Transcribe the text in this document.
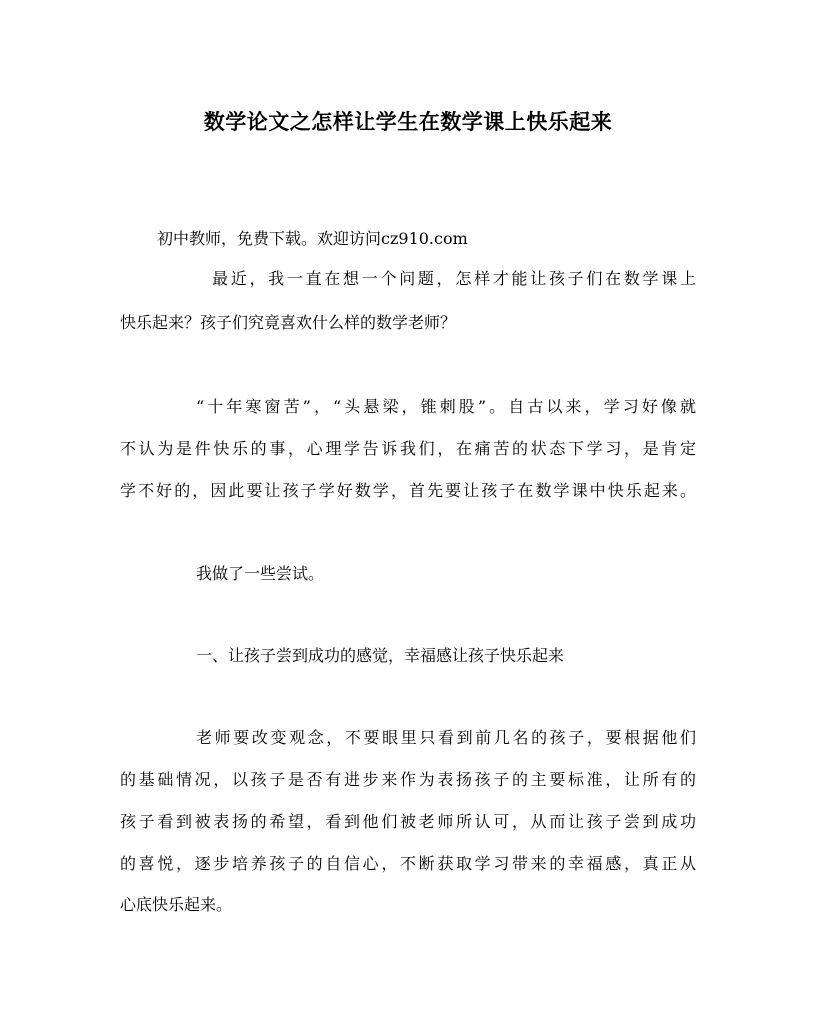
数学论文之怎样让学生在数学课上快乐起来
初中教师，免费下载。欢迎访问cz910.com
最近，我一直在想一个问题，怎样才能让孩子们在数学课上
快乐起来？孩子们究竟喜欢什么样的数学老师？
“十年寒窗苦”，“头悬梁，锥刺股”。自古以来，学习好像就
不认为是件快乐的事，心理学告诉我们，在痛苦的状态下学习，是肯定
学不好的，因此要让孩子学好数学，首先要让孩子在数学课中快乐起来。
我做了一些尝试。
一、让孩子尝到成功的感觉，幸福感让孩子快乐起来
老师要改变观念，不要眼里只看到前几名的孩子，要根据他们
的基础情况，以孩子是否有进步来作为表扬孩子的主要标准，让所有的
孩子看到被表扬的希望，看到他们被老师所认可，从而让孩子尝到成功
的喜悦，逐步培养孩子的自信心，不断获取学习带来的幸福感，真正从
心底快乐起来。
